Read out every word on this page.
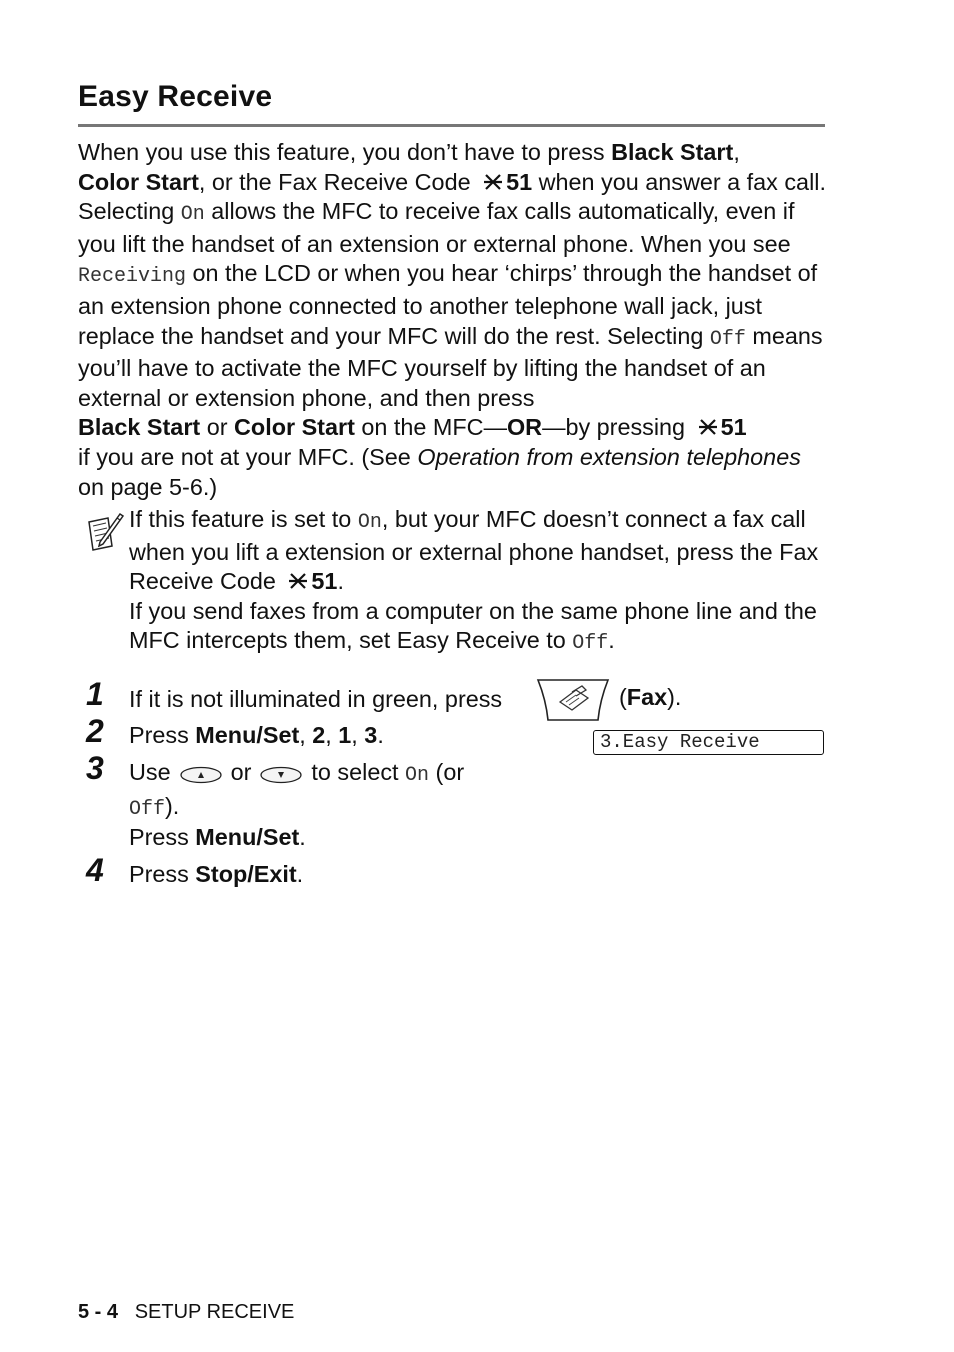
Easy Receive

When you use this feature, you don’t have to press Black Start,
Color Start, or the Fax Receive Code 51 when you answer a fax call. Selecting On allows the MFC to receive fax calls automatically, even if you lift the handset of an extension or external phone. When you see Receiving on the LCD or when you hear ‘chirps’ through the handset of an extension phone connected to another telephone wall jack, just replace the handset and your MFC will do the rest. Selecting Off means you’ll have to activate the MFC yourself by lifting the handset of an external or extension phone, and then press
Black Start or Color Start on the MFC—OR—by pressing 51
if you are not at your MFC. (See Operation from extension telephones on page 5-6.)

If this feature is set to On, but your MFC doesn’t connect a fax call when you lift a extension or external phone handset, press the Fax Receive Code 51.
If you send faxes from a computer on the same phone line and the MFC intercepts them, set Easy Receive to Off.

1 If it is not illuminated in green, press	(Fax).
2 Press Menu/Set, 2, 1, 3.	3.Easy Receive
3 Use	or	to select On (or
Off).

Press Menu/Set.

4 Press Stop/Exit.

5 - 4 SETUP RECEIVE
